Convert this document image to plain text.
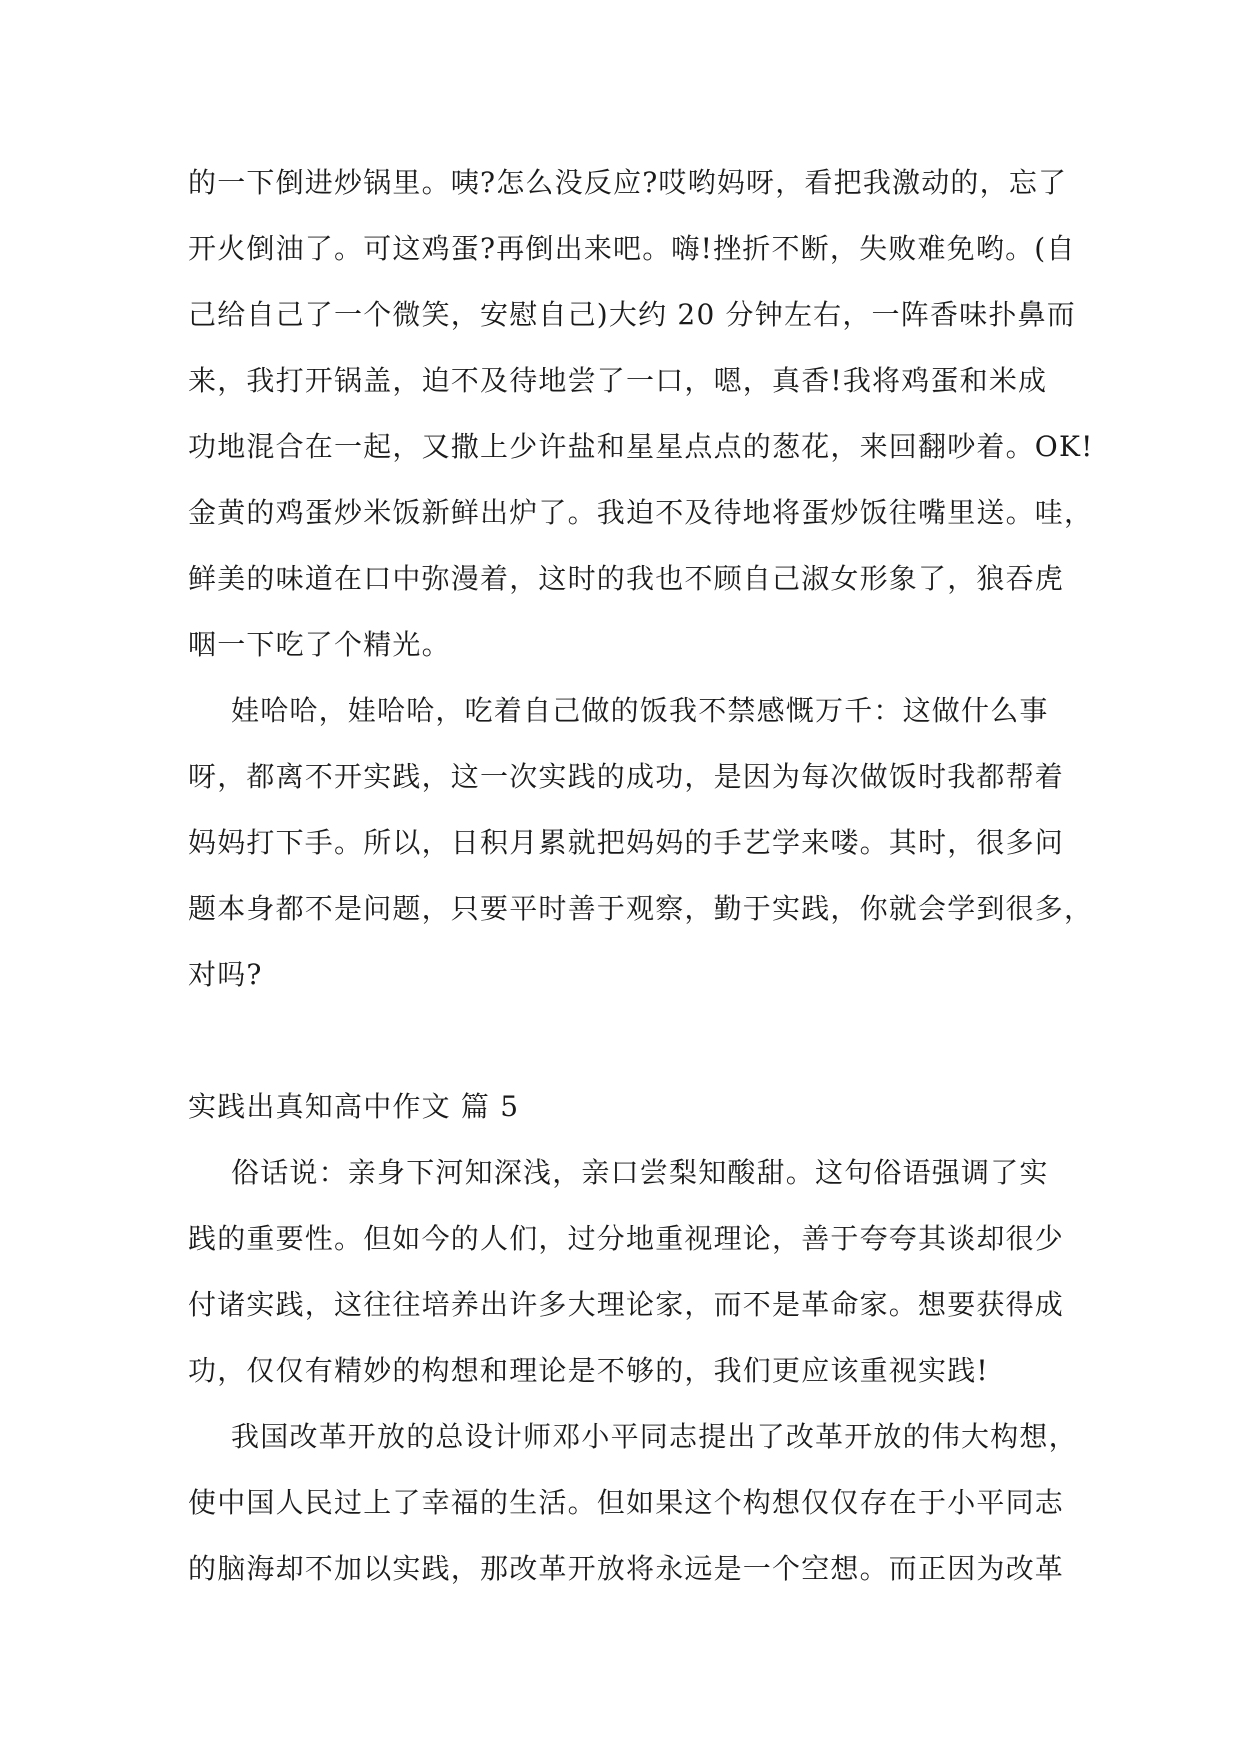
的一下倒进炒锅里。咦?怎么没反应?哎哟妈呀，看把我激动的，忘了
开火倒油了。可这鸡蛋?再倒出来吧。嗨!挫折不断，失败难免哟。(自
己给自己了一个微笑，安慰自己)大约 20 分钟左右，一阵香味扑鼻而
来，我打开锅盖，迫不及待地尝了一口，嗯，真香!我将鸡蛋和米成
功地混合在一起，又撒上少许盐和星星点点的葱花，来回翻吵着。OK!
金黄的鸡蛋炒米饭新鲜出炉了。我迫不及待地将蛋炒饭往嘴里送。哇，
鲜美的味道在口中弥漫着，这时的我也不顾自己淑女形象了，狼吞虎
咽一下吃了个精光。
娃哈哈，娃哈哈，吃着自己做的饭我不禁感慨万千：这做什么事
呀，都离不开实践，这一次实践的成功，是因为每次做饭时我都帮着
妈妈打下手。所以，日积月累就把妈妈的手艺学来喽。其时，很多问
题本身都不是问题，只要平时善于观察，勤于实践，你就会学到很多，
对吗?
实践出真知高中作文 篇 5
俗话说：亲身下河知深浅，亲口尝梨知酸甜。这句俗语强调了实
践的重要性。但如今的人们，过分地重视理论，善于夸夸其谈却很少
付诸实践，这往往培养出许多大理论家，而不是革命家。想要获得成
功，仅仅有精妙的构想和理论是不够的，我们更应该重视实践!
我国改革开放的总设计师邓小平同志提出了改革开放的伟大构想，
使中国人民过上了幸福的生活。但如果这个构想仅仅存在于小平同志
的脑海却不加以实践，那改革开放将永远是一个空想。而正因为改革
